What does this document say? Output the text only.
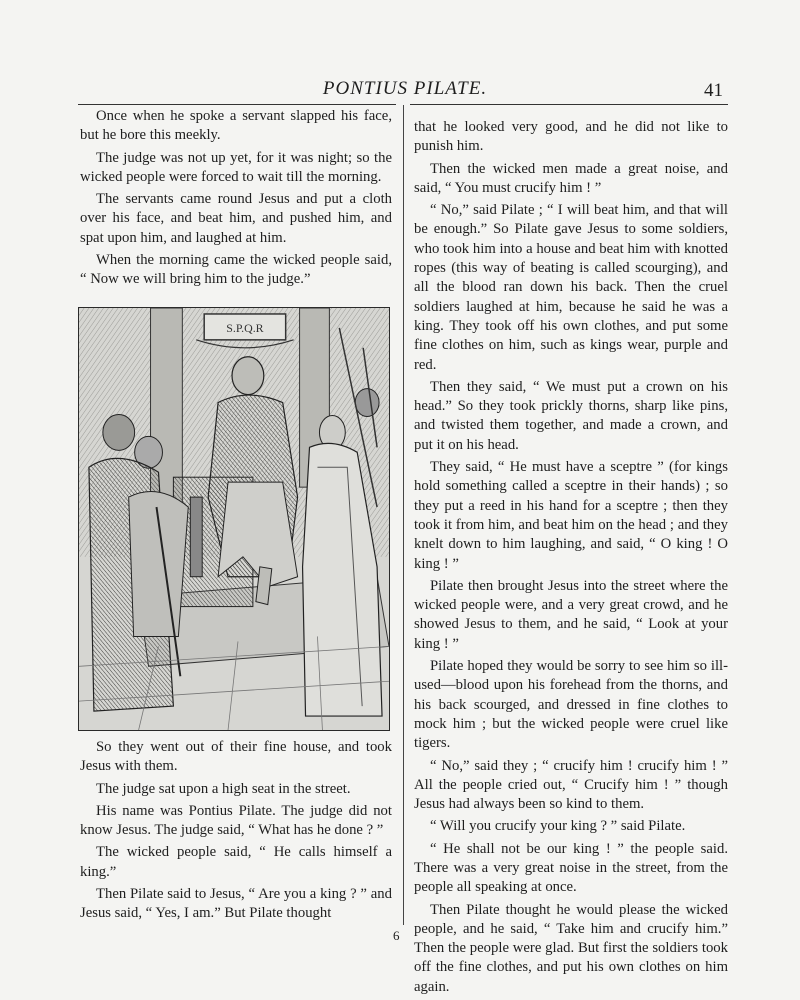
PONTIUS PILATE.	41

Once when he spoke a servant slapped his face, but he bore this meekly.

The judge was not up yet, for it was night; so the wicked people were forced to wait till the morning.

The servants came round Jesus and put a cloth over his face, and beat him, and pushed him, and spat upon him, and laughed at him.

When the morning came the wicked people said, “ Now we will bring him to the judge.”

S.P.Q.R

So they went out of their fine house, and took Jesus with them.

The judge sat upon a high seat in the street.

His name was Pontius Pilate. The judge did not know Jesus. The judge said, “ What has he done ? ”

The wicked people said, “ He calls himself a king.”

Then Pilate said to Jesus, “ Are you a king ? ” and Jesus said, “ Yes, I am.” But Pilate thought

that he looked very good, and he did not like to punish him.

Then the wicked men made a great noise, and said, “ You must crucify him ! ”

“ No,” said Pilate ; “ I will beat him, and that will be enough.” So Pilate gave Jesus to some soldiers, who took him into a house and beat him with knotted ropes (this way of beating is called scourging), and all the blood ran down his back. Then the cruel soldiers laughed at him, because he said he was a king. They took off his own clothes, and put some fine clothes on him, such as kings wear, purple and red.

Then they said, “ We must put a crown on his head.” So they took prickly thorns, sharp like pins, and twisted them together, and made a crown, and put it on his head.

They said, “ He must have a sceptre ” (for kings hold something called a sceptre in their hands) ; so they put a reed in his hand for a sceptre ; then they took it from him, and beat him on the head ; and they knelt down to him laughing, and said, “ O king ! O king ! ”

Pilate then brought Jesus into the street where the wicked people were, and a very great crowd, and he showed Jesus to them, and he said, “ Look at your king ! ”

Pilate hoped they would be sorry to see him so ill-used—blood upon his forehead from the thorns, and his back scourged, and dressed in fine clothes to mock him ; but the wicked people were cruel like tigers.

“ No,” said they ; “ crucify him ! crucify him ! ” All the people cried out, “ Crucify him ! ” though Jesus had always been so kind to them.

“ Will you crucify your king ? ” said Pilate.

“ He shall not be our king ! ” the people said. There was a very great noise in the street, from the people all speaking at once.

Then Pilate thought he would please the wicked people, and he said, “ Take him and crucify him.” Then the people were glad. But first the soldiers took off the fine clothes, and put his own clothes on him again.

6
